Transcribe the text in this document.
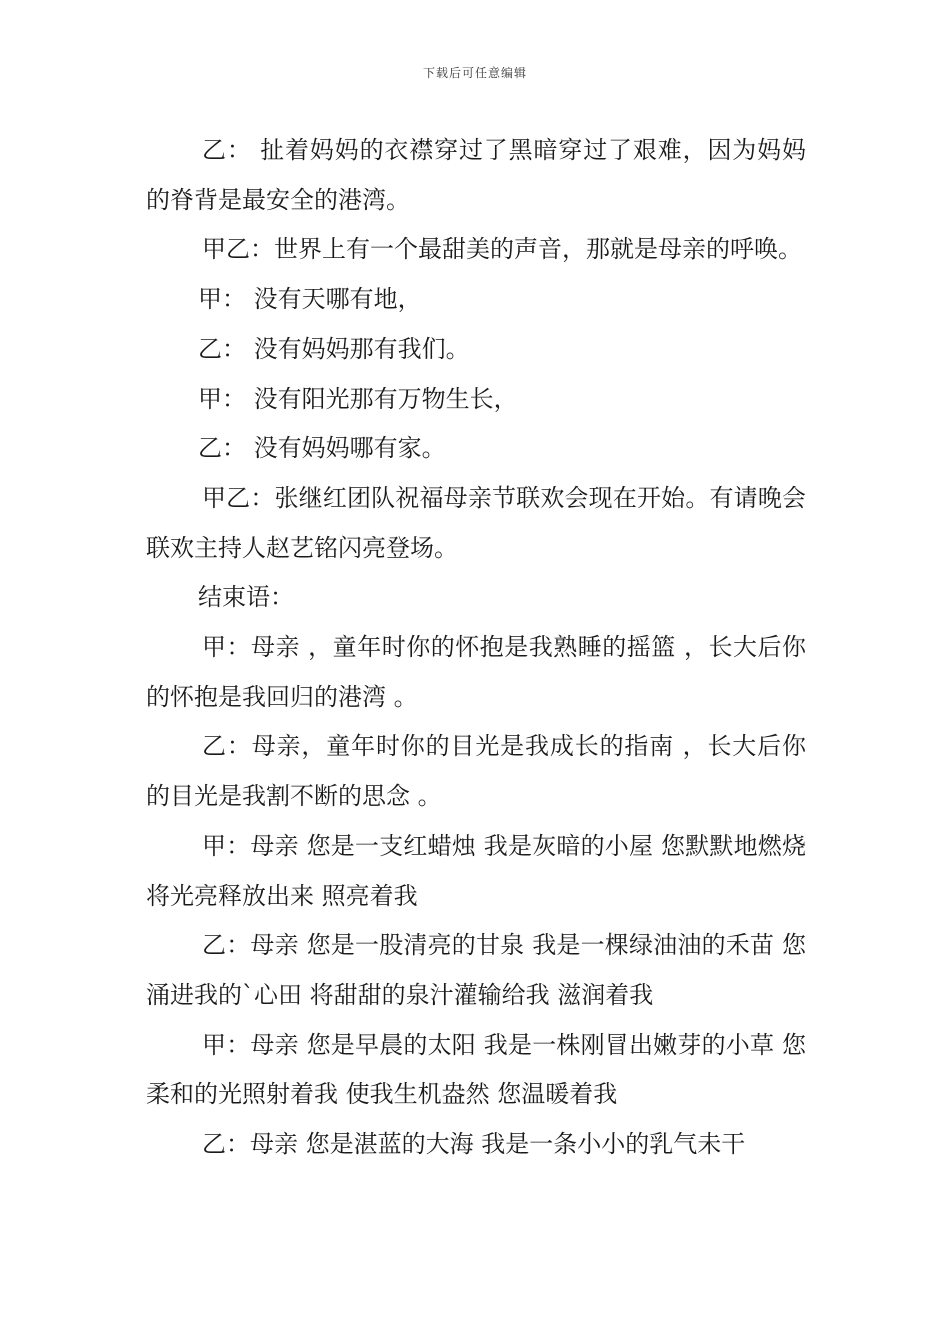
下载后可任意编辑

乙： 扯着妈妈的衣襟穿过了黑暗穿过了艰难，因为妈妈的脊背是最安全的港湾。

甲乙：世界上有一个最甜美的声音，那就是母亲的呼唤。

甲： 没有天哪有地，

乙： 没有妈妈那有我们。

甲： 没有阳光那有万物生长，

乙： 没有妈妈哪有家。

甲乙：张继红团队祝福母亲节联欢会现在开始。有请晚会联欢主持人赵艺铭闪亮登场。

结束语：

甲：母亲 ，童年时你的怀抱是我熟睡的摇篮 ，长大后你的怀抱是我回归的港湾 。

乙：母亲，童年时你的目光是我成长的指南 ，长大后你的目光是我割不断的思念 。

甲：母亲 您是一支红蜡烛 我是灰暗的小屋 您默默地燃烧 将光亮释放出来 照亮着我

乙：母亲 您是一股清亮的甘泉 我是一棵绿油油的禾苗 您涌进我的`心田 将甜甜的泉汁灌输给我 滋润着我

甲：母亲 您是早晨的太阳 我是一株刚冒出嫩芽的小草 您柔和的光照射着我 使我生机盎然 您温暖着我

乙：母亲 您是湛蓝的大海 我是一条小小的乳气未干
